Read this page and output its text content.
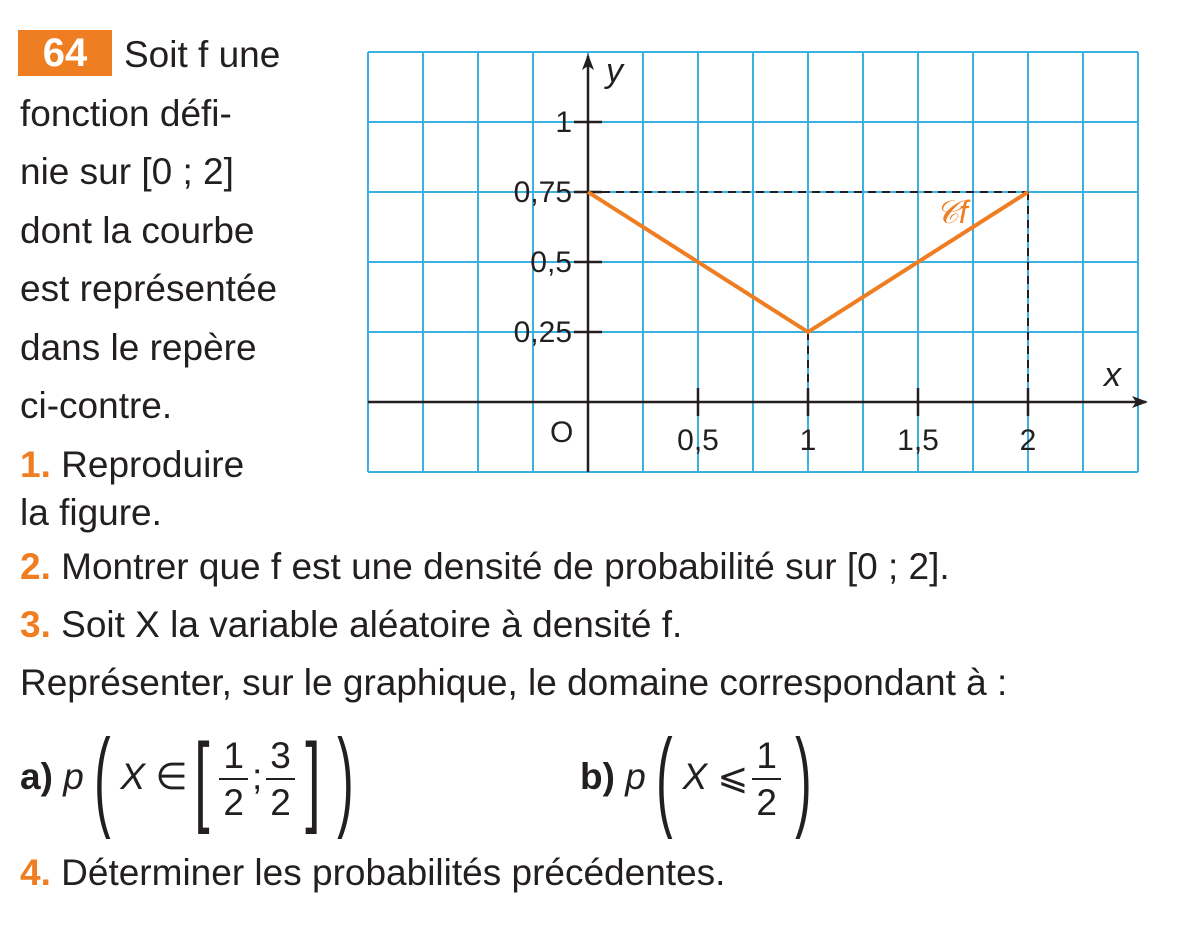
64 Soit f une
fonction défi-
nie sur [0 ; 2]
dont la courbe
est représentée
dans le repère
ci-contre.
1. Reproduire
la figure.
x
y
O	0,5	1	1,5	2
0,25
0,5
0,75
1
𝒞f
2. Montrer que f est une densité de probabilité sur [0 ; 2].
3. Soit X la variable aléatoire à densité f.
Représenter, sur le graphique, le domaine correspondant à :
a) p( X ∈[ $\frac{1}{2}$ ; $\frac{3}{2}$ ] )	b) p( X ⩽ $\frac{1}{2}$ )
4. Déterminer les probabilités précédentes.
